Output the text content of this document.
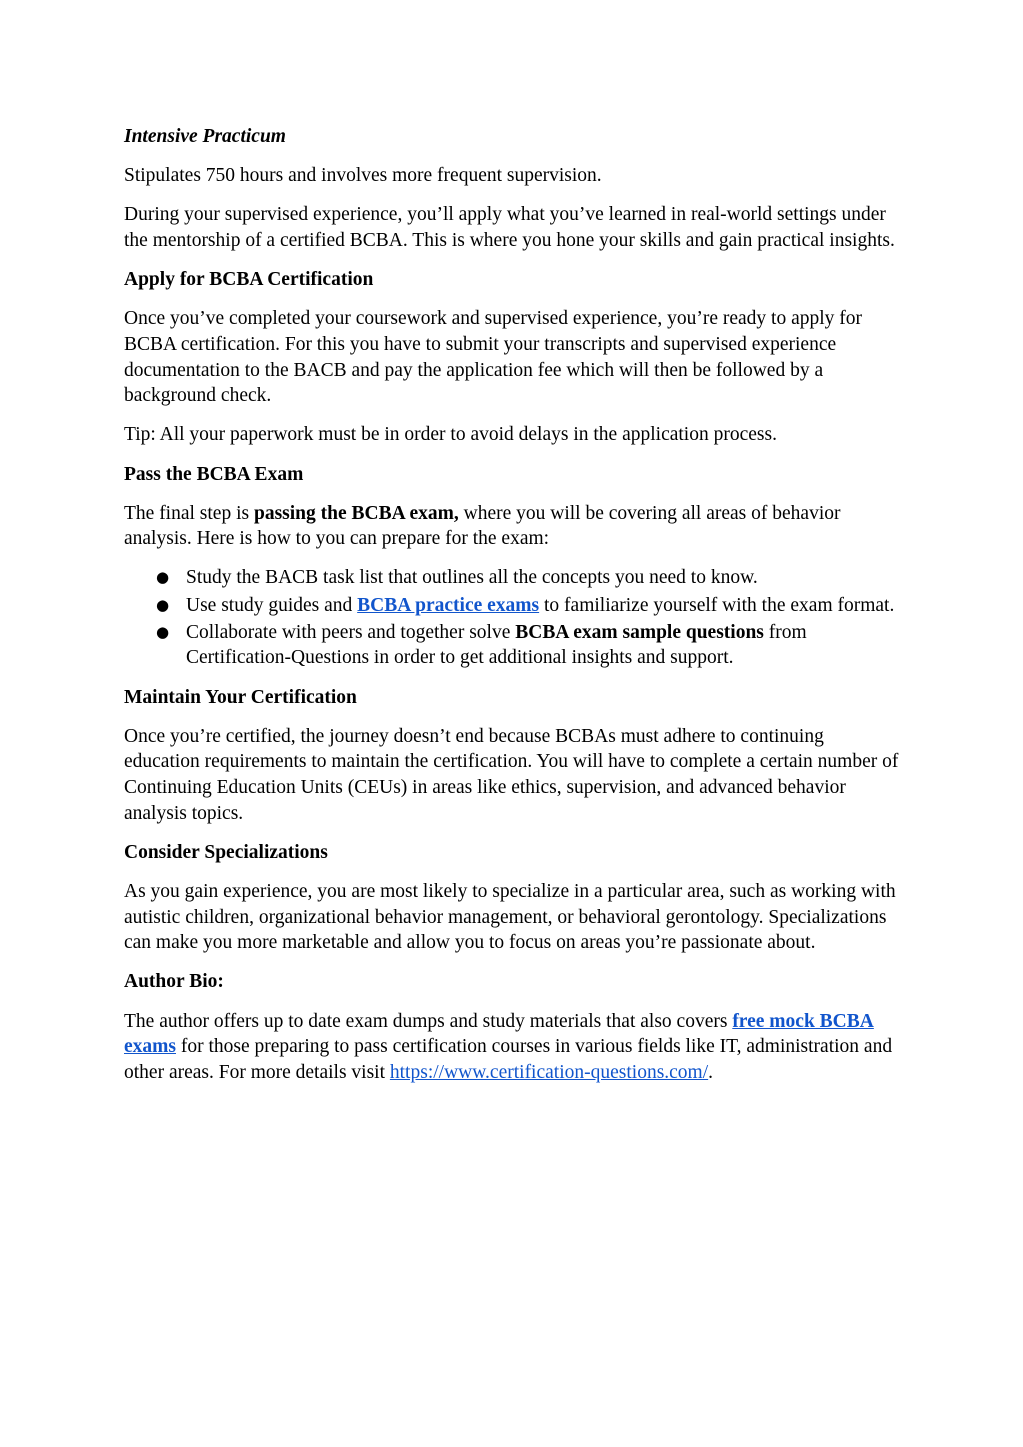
Intensive Practicum
Stipulates 750 hours and involves more frequent supervision.
During your supervised experience, you’ll apply what you’ve learned in real-world settings under the mentorship of a certified BCBA. This is where you hone your skills and gain practical insights.
Apply for BCBA Certification
Once you’ve completed your coursework and supervised experience, you’re ready to apply for BCBA certification. For this you have to submit your transcripts and supervised experience documentation to the BACB and pay the application fee which will then be followed by a background check.
Tip: All your paperwork must be in order to avoid delays in the application process.
Pass the BCBA Exam
The final step is passing the BCBA exam, where you will be covering all areas of behavior analysis. Here is how to you can prepare for the exam:
● Study the BACB task list that outlines all the concepts you need to know.
● Use study guides and BCBA practice exams to familiarize yourself with the exam format.
● Collaborate with peers and together solve BCBA exam sample questions from Certification-Questions in order to get additional insights and support.
Maintain Your Certification
Once you’re certified, the journey doesn’t end because BCBAs must adhere to continuing education requirements to maintain the certification. You will have to complete a certain number of Continuing Education Units (CEUs) in areas like ethics, supervision, and advanced behavior analysis topics.
Consider Specializations
As you gain experience, you are most likely to specialize in a particular area, such as working with autistic children, organizational behavior management, or behavioral gerontology. Specializations can make you more marketable and allow you to focus on areas you’re passionate about.
Author Bio:
The author offers up to date exam dumps and study materials that also covers free mock BCBA exams for those preparing to pass certification courses in various fields like IT, administration and other areas. For more details visit https://www.certification-questions.com/.
